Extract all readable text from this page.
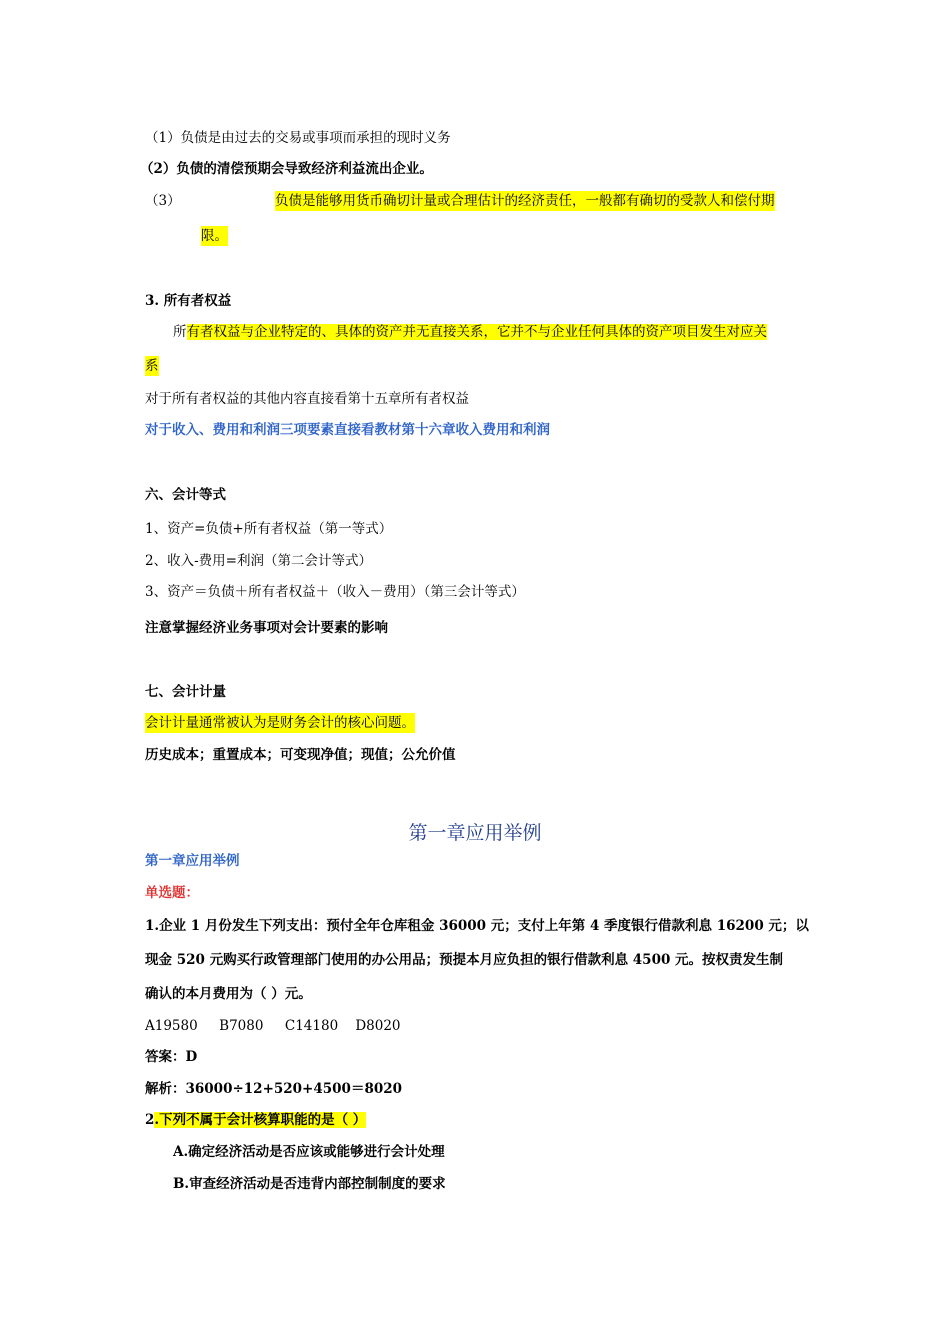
（1）负债是由过去的交易或事项而承担的现时义务
（2）负债的清偿预期会导致经济利益流出企业。
（3）	负债是能够用货币确切计量或合理估计的经济责任，一般都有确切的受款人和偿付期
限。
3. 所有者权益
所有者权益与企业特定的、具体的资产并无直接关系，它并不与企业任何具体的资产项目发生对应关
系
对于所有者权益的其他内容直接看第十五章所有者权益
对于收入、费用和利润三项要素直接看教材第十六章收入费用和利润
六、会计等式
1、资产=负债+所有者权益（第一等式）
2、收入-费用=利润（第二会计等式）
3、资产＝负债＋所有者权益＋（收入－费用）（第三会计等式）
注意掌握经济业务事项对会计要素的影响
七、会计计量
会计计量通常被认为是财务会计的核心问题。
历史成本；重置成本；可变现净值；现值；公允价值
第一章应用举例
第一章应用举例
单选题：
1.企业 1 月份发生下列支出：预付全年仓库租金 36000 元；支付上年第 4 季度银行借款利息 16200 元；以
现金 520 元购买行政管理部门使用的办公用品；预提本月应负担的银行借款利息 4500 元。按权责发生制
确认的本月费用为（ ）元。
A19580     B7080     C14180    D8020
答案：D
解析：36000÷12+520+4500＝8020
2.下列不属于会计核算职能的是（ ）
A.确定经济活动是否应该或能够进行会计处理
B.审查经济活动是否违背内部控制制度的要求
